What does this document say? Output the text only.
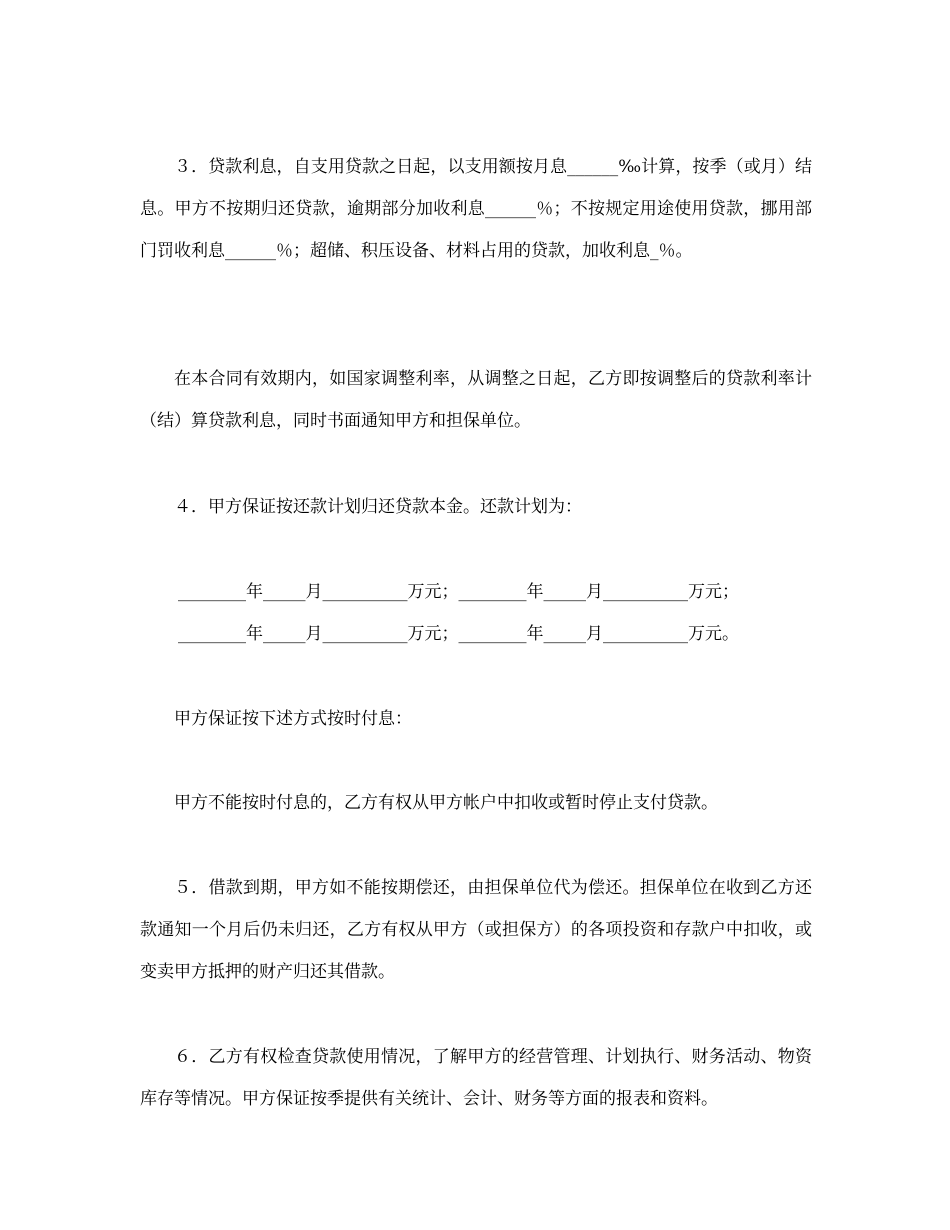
３．贷款利息，自支用贷款之日起，以支用额按月息______‰计算，按季（或月）结息。甲方不按期归还贷款，逾期部分加收利息______％；不按规定用途使用贷款，挪用部门罚收利息______％；超储、积压设备、材料占用的贷款，加收利息_％。

在本合同有效期内，如国家调整利率，从调整之日起，乙方即按调整后的贷款利率计（结）算贷款利息，同时书面通知甲方和担保单位。

４．甲方保证按还款计划归还贷款本金。还款计划为：

________年_____月__________万元；________年_____月__________万元；

________年_____月__________万元；________年_____月__________万元。

甲方保证按下述方式按时付息：

甲方不能按时付息的，乙方有权从甲方帐户中扣收或暂时停止支付贷款。

５．借款到期，甲方如不能按期偿还，由担保单位代为偿还。担保单位在收到乙方还款通知一个月后仍未归还，乙方有权从甲方（或担保方）的各项投资和存款户中扣收，或变卖甲方抵押的财产归还其借款。

６．乙方有权检查贷款使用情况，了解甲方的经营管理、计划执行、财务活动、物资库存等情况。甲方保证按季提供有关统计、会计、财务等方面的报表和资料。
